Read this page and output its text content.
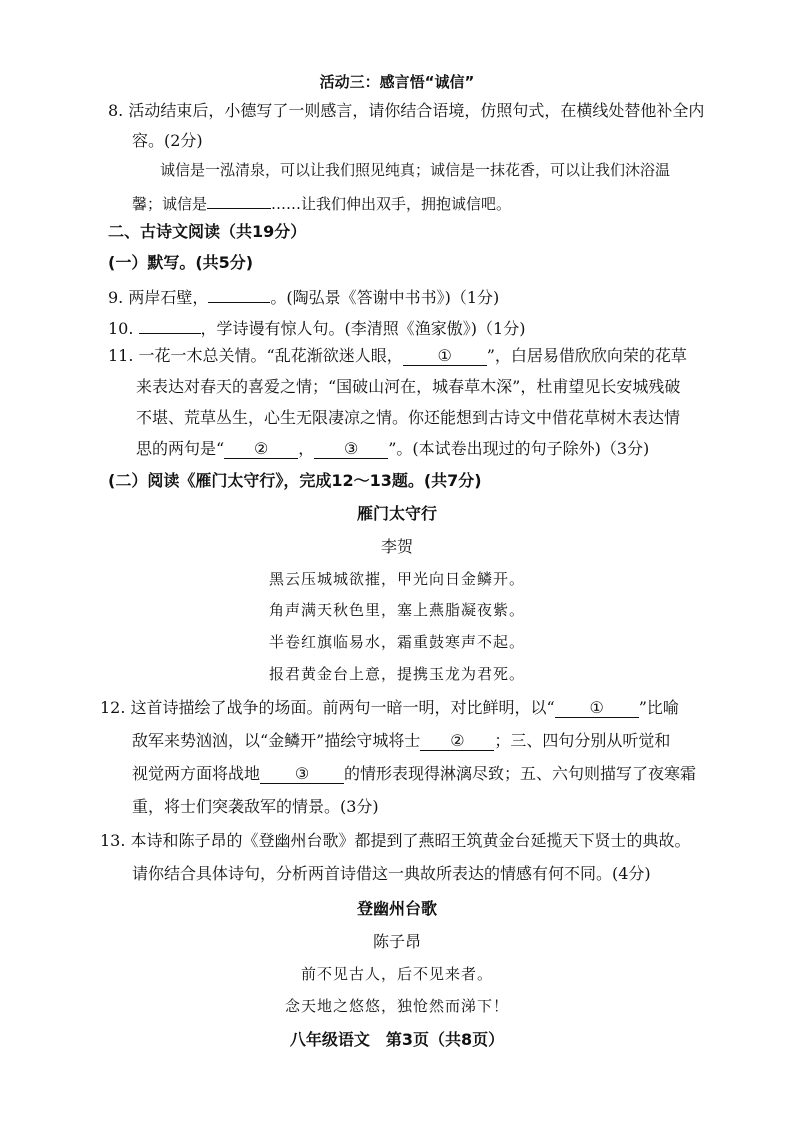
活动三：感言悟“诚信”
8. 活动结束后，小德写了一则感言，请你结合语境，仿照句式，在横线处替他补全内
容。(2分)
诚信是一泓清泉，可以让我们照见纯真；诚信是一抹花香，可以让我们沐浴温
馨；诚信是	……让我们伸出双手，拥抱诚信吧。
二、古诗文阅读（共19分）
(一）默写。(共5分)
9. 两岸石壁，	。(陶弘景《答谢中书书》)（1分)
10.	，学诗谩有惊人句。(李清照《渔家傲》)（1分)
11. 一花一木总关情。“乱花渐欲迷人眼， ① ”，白居易借欣欣向荣的花草
来表达对春天的喜爱之情；“国破山河在，城春草木深”，杜甫望见长安城残破
不堪、荒草丛生，心生无限凄凉之情。你还能想到古诗文中借花草树木表达情
思的两句是“ ② ， ③ ”。(本试卷出现过的句子除外)（3分)
(二）阅读《雁门太守行》，完成12～13题。(共7分)
雁门太守行
李贺
黑云压城城欲摧，甲光向日金鳞开。
角声满天秋色里，塞上燕脂凝夜紫。
半卷红旗临易水，霜重鼓寒声不起。
报君黄金台上意，提携玉龙为君死。
12. 这首诗描绘了战争的场面。前两句一暗一明，对比鲜明，以“ ① ”比喻
敌军来势汹汹，以“金鳞开”描绘守城将士 ② ；三、四句分别从听觉和
视觉两方面将战地 ③ 的情形表现得淋漓尽致；五、六句则描写了夜寒霜
重，将士们突袭敌军的情景。(3分)
13. 本诗和陈子昂的《登幽州台歌》都提到了燕昭王筑黄金台延揽天下贤士的典故。
请你结合具体诗句，分析两首诗借这一典故所表达的情感有何不同。(4分)
登幽州台歌
陈子昂
前不见古人，后不见来者。
念天地之悠悠，独怆然而涕下！
八年级语文　第3页（共8页）
